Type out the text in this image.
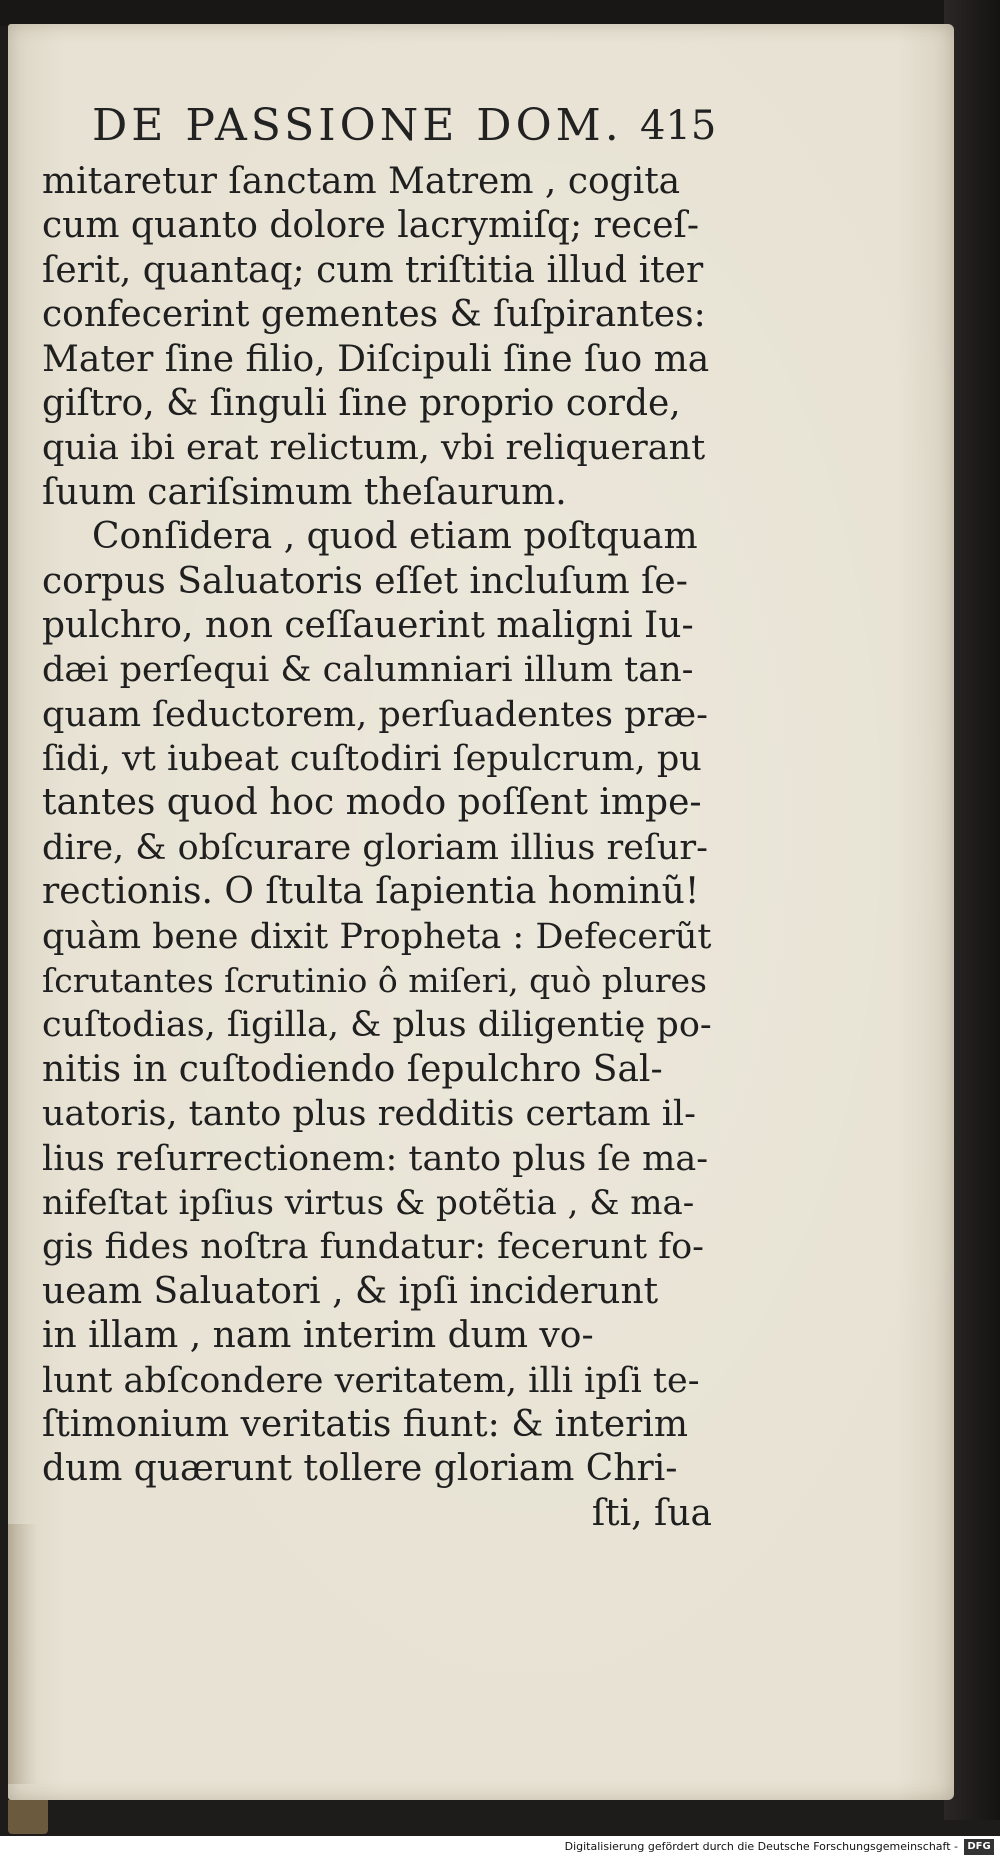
DE PASSIONE DOM. 415
mitaretur ſanctam Matrem , cogita
cum quanto dolore lacrymiſq; receſ-
ſerit, quantaq; cum triſtitia illud iter
confecerint gementes & ſuſpirantes:
Mater ſine filio, Diſcipuli ſine ſuo ma
giſtro, & ſinguli ſine proprio corde,
quia ibi erat relictum, vbi reliquerant
ſuum cariſsimum theſaurum.
Conſidera , quod etiam poſtquam
corpus Saluatoris eſſet incluſum ſe-
pulchro, non ceſſauerint maligni Iu-
dæi perſequi & calumniari illum tan-
quam ſeductorem, perſuadentes præ-
ſidi, vt iubeat cuſtodiri ſepulcrum, pu
tantes quod hoc modo poſſent impe-
dire, & obſcurare gloriam illius reſur-
rectionis. O ſtulta ſapientia hominũ!
quàm bene dixit Propheta : Defecerũt
ſcrutantes ſcrutinio ô miſeri, quò plures
cuſtodias, ſigilla, & plus diligentię po-
nitis in cuſtodiendo ſepulchro Sal-
uatoris, tanto plus redditis certam il-
lius reſurrectionem: tanto plus ſe ma-
nifeſtat ipſius virtus & potẽtia , & ma-
gis fides noſtra fundatur: fecerunt fo-
ueam Saluatori , & ipſi inciderunt
in illam , nam interim dum vo-
lunt abſcondere veritatem, illi ipſi te-
ſtimonium veritatis fiunt: & interim
dum quærunt tollere gloriam Chri-
ſti, ſua
Digitalisierung gefördert durch die Deutsche Forschungsgemeinschaft - DFG
